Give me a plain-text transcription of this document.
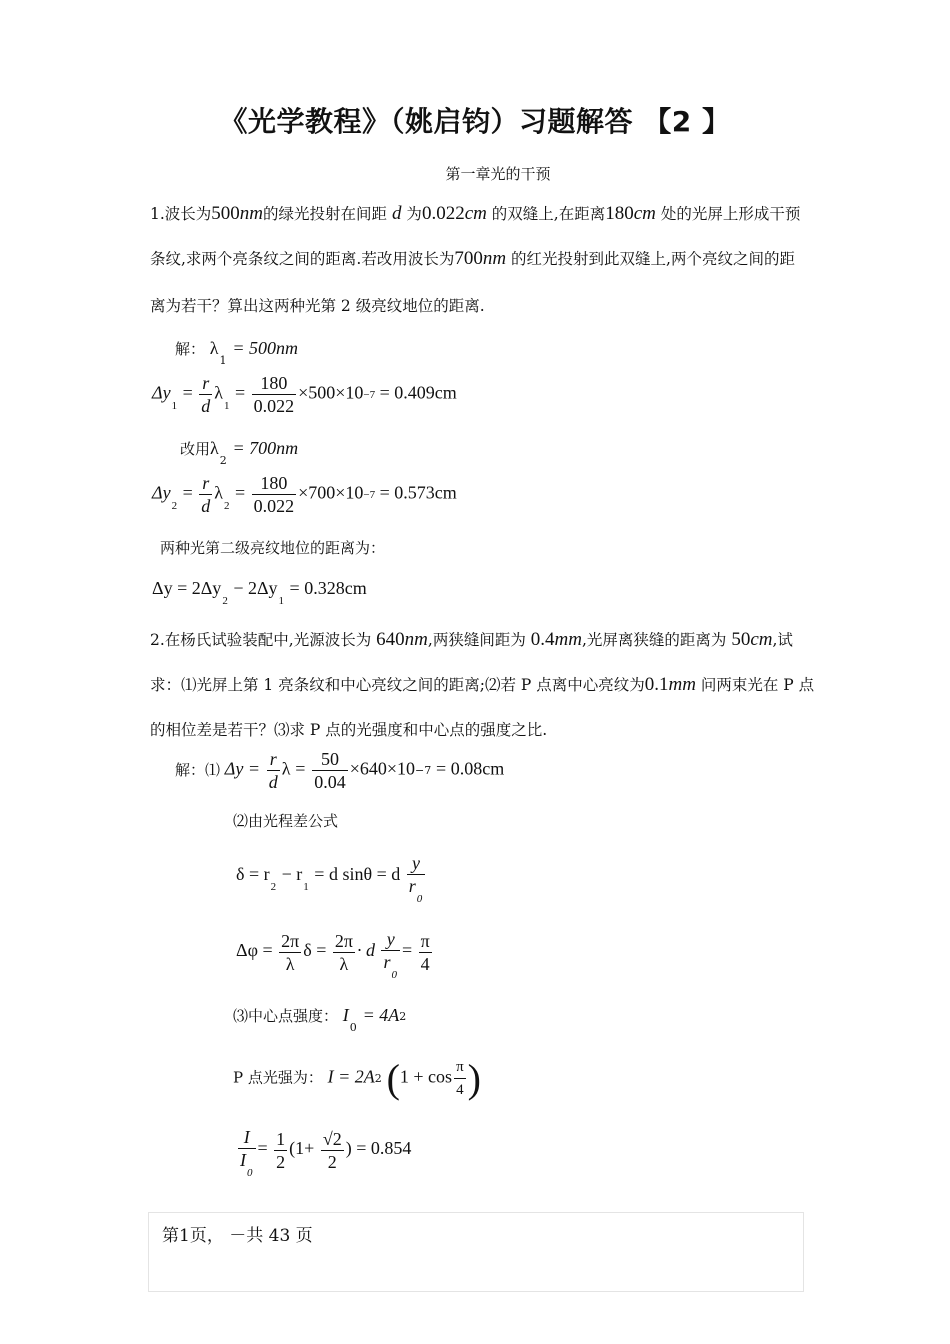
《光学教程》（姚启钧）习题解答 【2 】
第一章光的干预
1.波长为500nm的绿光投射在间距 d 为0.022cm 的双缝上,在距离180cm 处的光屏上形成干预
条纹,求两个亮条纹之间的距离.若改用波长为700nm 的红光投射到此双缝上,两个亮纹之间的距
离为若干？算出这两种光第 2 级亮纹地位的距离.
解： $\lambda_1 = 500nm$
$\Delta y_1 = \frac{r}{d} \lambda_1 = \frac{180}{0.022} \times 500\times 10-7 = 0.409cm$
改用$\lambda_2 = 700nm$
$\Delta y_2 = \frac{r}{d} \lambda_2 = \frac{180}{0.022} \times 700\times 10-7 = 0.573cm$
两种光第二级亮纹地位的距离为：
$\Delta y = 2\Delta y_2 - 2\Delta y_1 = 0.328cm$
2.在杨氏试验装配中,光源波长为 640nm,两狭缝间距为 0.4mm,光屏离狭缝的距离为 50cm,试
求：⑴光屏上第 1 亮条纹和中心亮纹之间的距离;⑵若 P 点离中心亮纹为0.1mm 问两束光在 P 点
的相位差是若干？⑶求 P 点的光强度和中心点的强度之比.
解：⑴ $\Delta y = \frac{r}{d}$ $\lambda = \frac{50}{0.04} \times 640\times 10-7 = 0.08cm$
⑵由光程差公式
$\delta = r_2 - r_1 = d$ sinθ = d $\frac{y}{r_0}$
$\Delta\varphi = \frac{2\pi}{\lambda}$ $\delta = \frac{2\pi}{\lambda} \cdot d \frac{y}{r_0} = \frac{\pi}{4}$
⑶中心点强度： $I_0 = 4A2$
P 点光强为： I = 2A2 ($1 + \cos \frac{\pi}{4}$ )
$\frac{I}{I_0} = \frac{1}{2} (1+ \frac{√2}{2}$ ) = 0.854
第1页， －共 43 页
